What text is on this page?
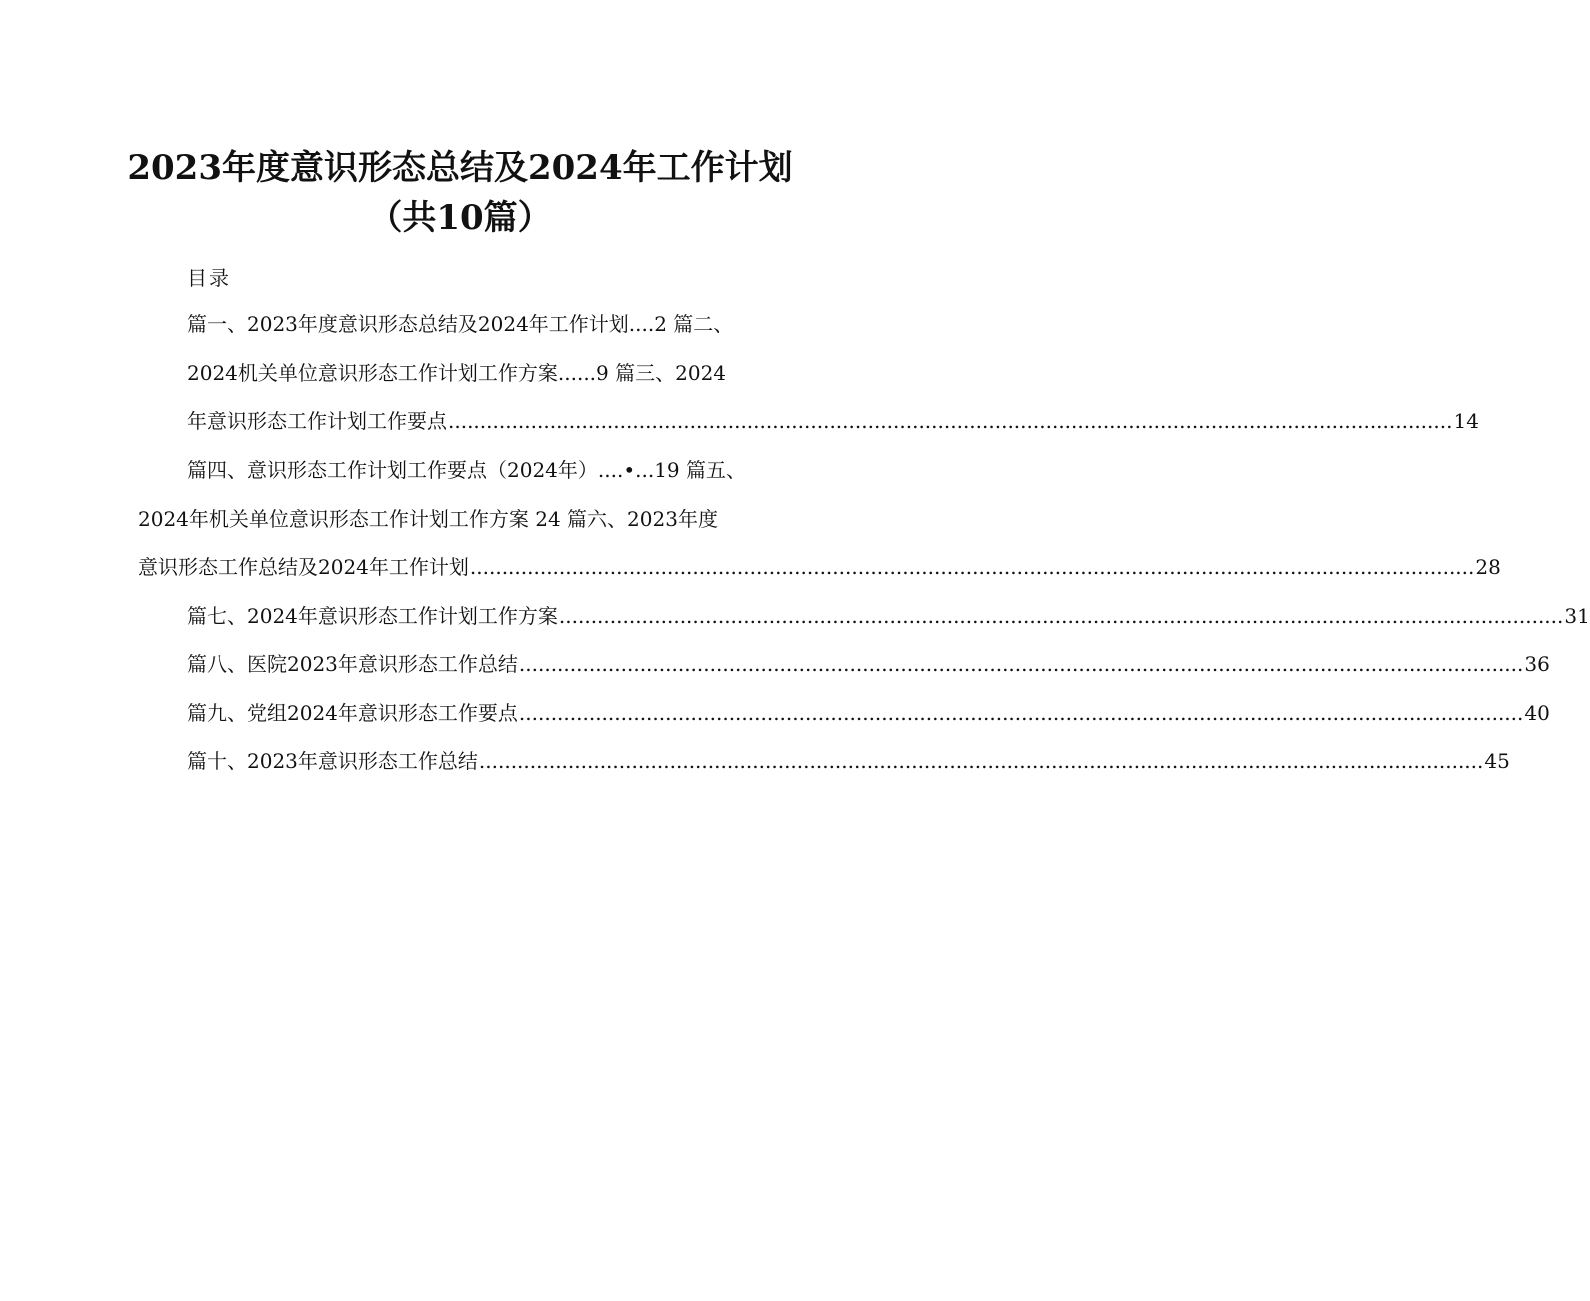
2023年度意识形态总结及2024年工作计划
（共10篇）
目录
篇一、2023年度意识形态总结及2024年工作计划....2 篇二、
2024机关单位意识形态工作计划工作方案......9 篇三、2024
年意识形态工作计划工作要点 .............................................................................................................................................................. 14
篇四、意识形态工作计划工作要点（2024年）....•...19 篇五、
2024年机关单位意识形态工作计划工作方案 24 篇六、2023年度
意识形态工作总结及2024年工作计划 .............................................................................................................................................................. 28
篇七、2024年意识形态工作计划工作方案 .............................................................................................................................................................. 31
篇八、医院2023年意识形态工作总结 .............................................................................................................................................................. 36
篇九、党组2024年意识形态工作要点 .............................................................................................................................................................. 40
篇十、2023年意识形态工作总结 .............................................................................................................................................................. 45
